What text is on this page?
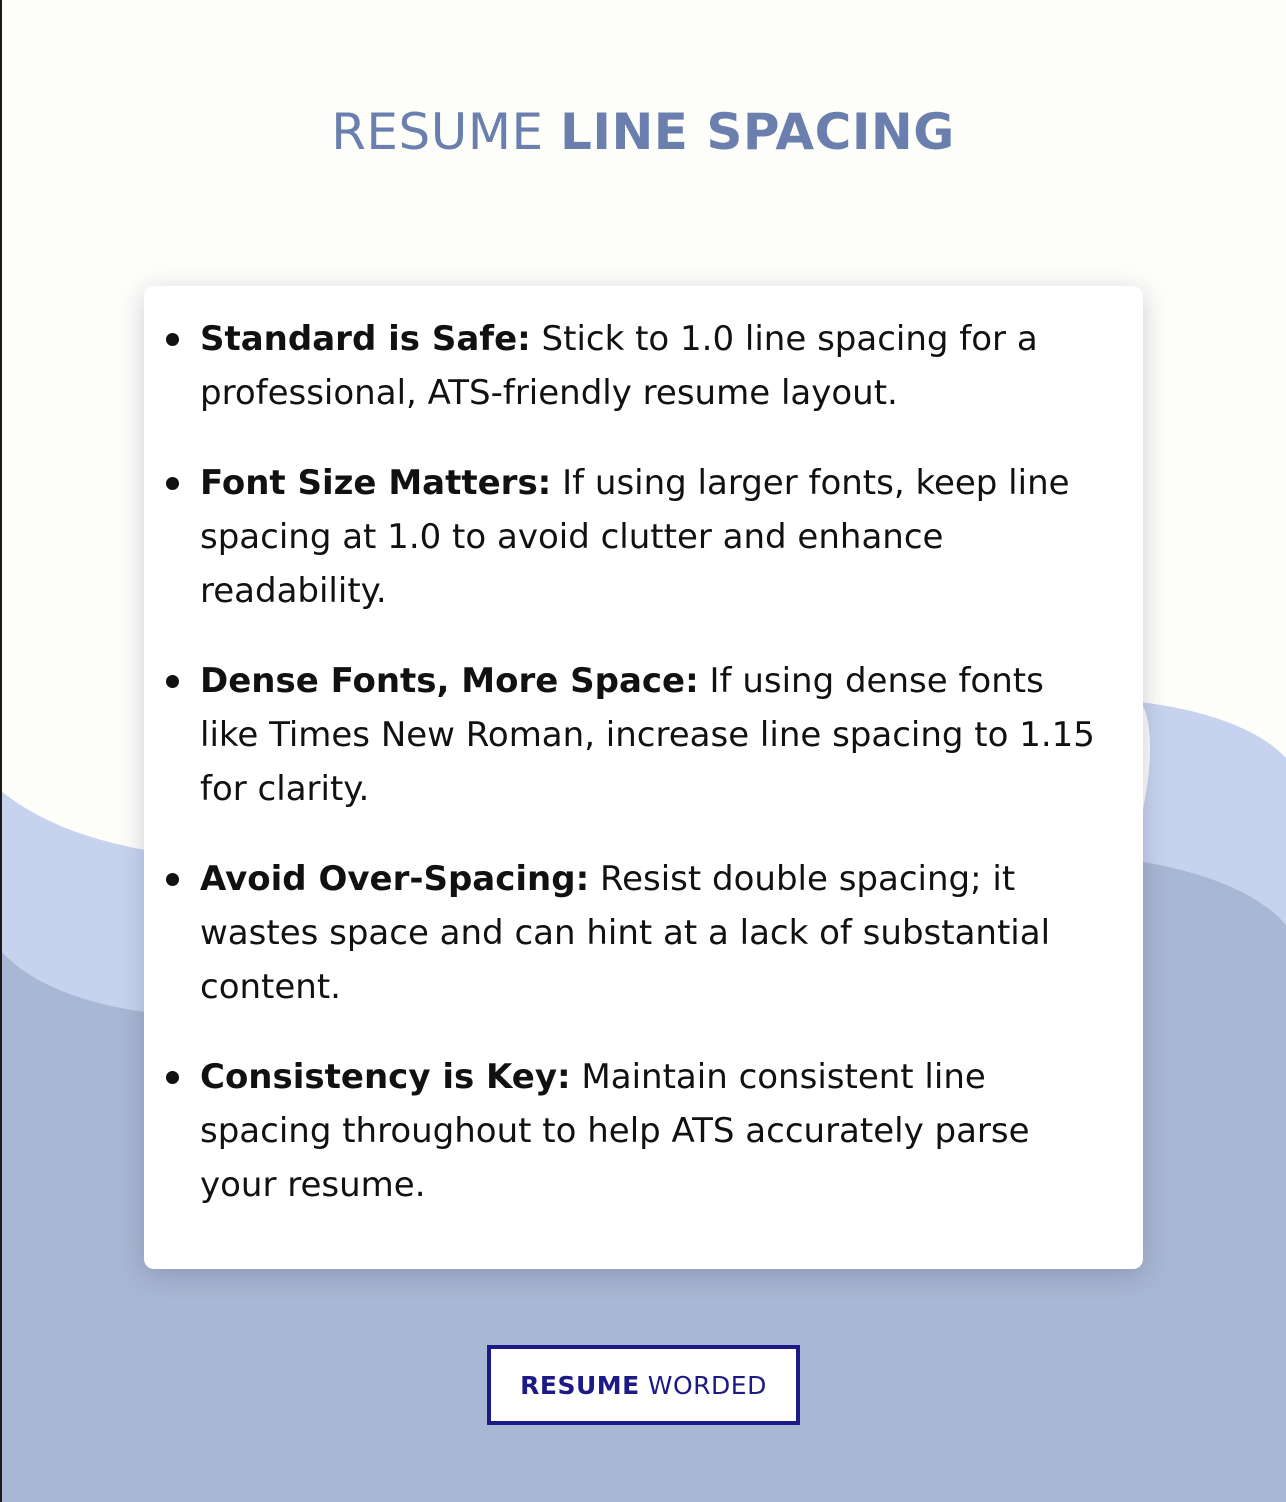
RESUME LINE SPACING
Standard is Safe: Stick to 1.0 line spacing for a professional, ATS-friendly resume layout.
Font Size Matters: If using larger fonts, keep line spacing at 1.0 to avoid clutter and enhance readability.
Dense Fonts, More Space: If using dense fonts like Times New Roman, increase line spacing to 1.15 for clarity.
Avoid Over-Spacing: Resist double spacing; it wastes space and can hint at a lack of substantial content.
Consistency is Key: Maintain consistent line spacing throughout to help ATS accurately parse your resume.
RESUME WORDED
